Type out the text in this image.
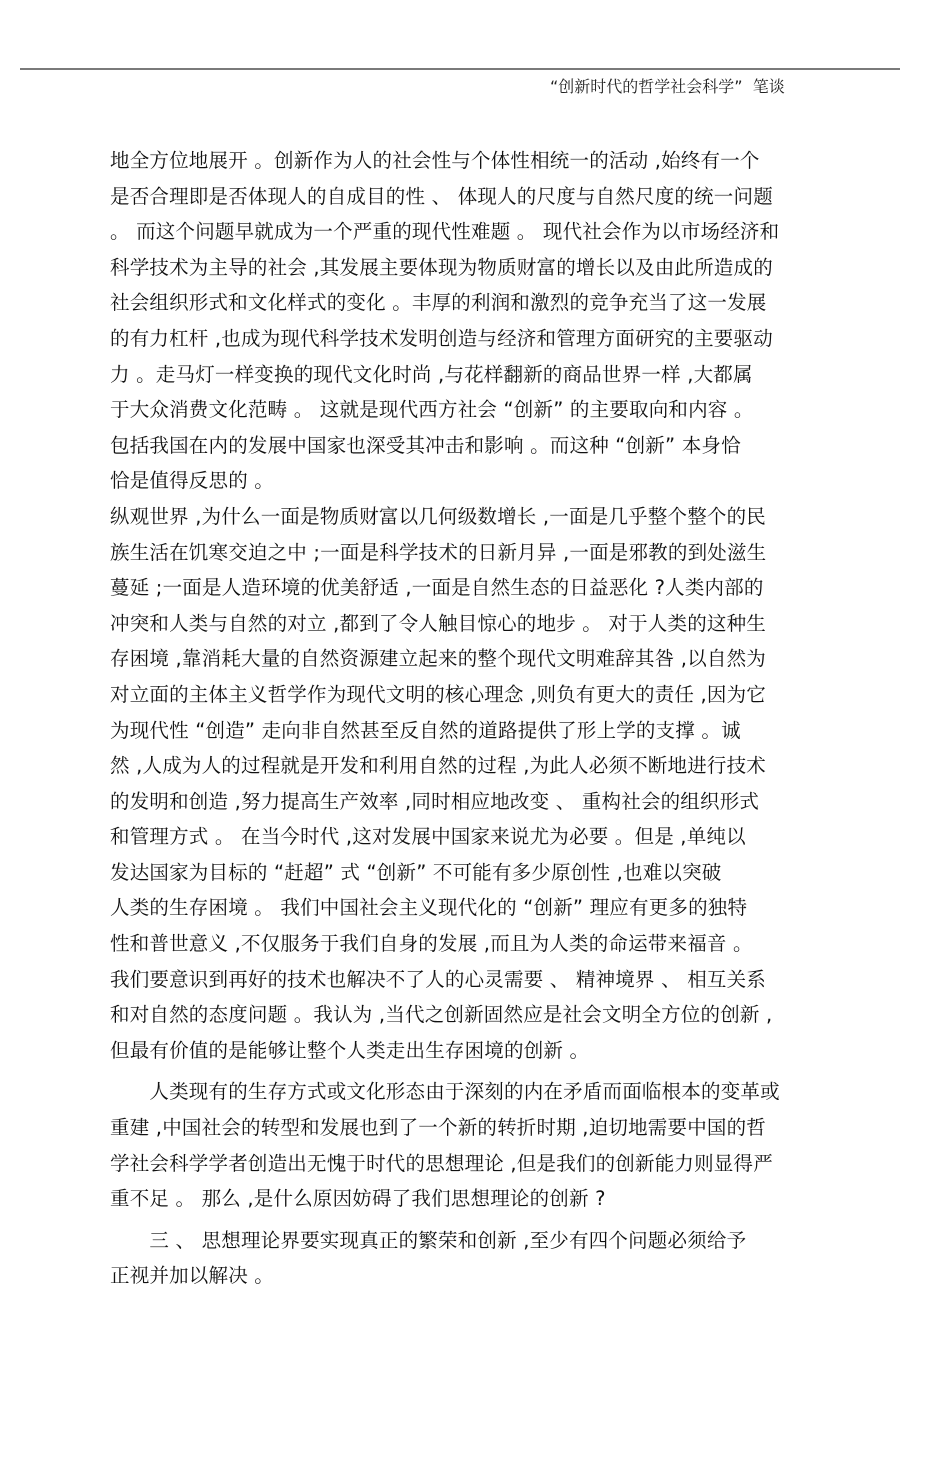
“创新时代的哲学社会科学”  笔谈
地全方位地展开 。创新作为人的社会性与个体性相统一的活动 ,始终有一个
是否合理即是否体现人的自成目的性 、 体现人的尺度与自然尺度的统一问题
。 而这个问题早就成为一个严重的现代性难题 。 现代社会作为以市场经济和
科学技术为主导的社会 ,其发展主要体现为物质财富的增长以及由此所造成的
社会组织形式和文化样式的变化 。丰厚的利润和激烈的竞争充当了这一发展
的有力杠杆 ,也成为现代科学技术发明创造与经济和管理方面研究的主要驱动
力 。走马灯一样变换的现代文化时尚 ,与花样翻新的商品世界一样 ,大都属
于大众消费文化范畴 。 这就是现代西方社会 “创新” 的主要取向和内容 。
包括我国在内的发展中国家也深受其冲击和影响 。而这种 “创新” 本身恰
恰是值得反思的 。
纵观世界 ,为什么一面是物质财富以几何级数增长 ,一面是几乎整个整个的民
族生活在饥寒交迫之中 ;一面是科学技术的日新月异 ,一面是邪教的到处滋生
蔓延 ;一面是人造环境的优美舒适 ,一面是自然生态的日益恶化 ?人类内部的
冲突和人类与自然的对立 ,都到了令人触目惊心的地步 。 对于人类的这种生
存困境 ,靠消耗大量的自然资源建立起来的整个现代文明难辞其咎 ,以自然为
对立面的主体主义哲学作为现代文明的核心理念 ,则负有更大的责任 ,因为它
为现代性 “创造” 走向非自然甚至反自然的道路提供了形上学的支撑 。诚
然 ,人成为人的过程就是开发和利用自然的过程 ,为此人必须不断地进行技术
的发明和创造 ,努力提高生产效率 ,同时相应地改变 、 重构社会的组织形式
和管理方式 。 在当今时代 ,这对发展中国家来说尤为必要 。但是 ,单纯以
发达国家为目标的 “赶超” 式 “创新” 不可能有多少原创性 ,也难以突破
人类的生存困境 。 我们中国社会主义现代化的 “创新” 理应有更多的独特
性和普世意义 ,不仅服务于我们自身的发展 ,而且为人类的命运带来福音 。
我们要意识到再好的技术也解决不了人的心灵需要 、 精神境界 、 相互关系
和对自然的态度问题 。我认为 ,当代之创新固然应是社会文明全方位的创新 ,
但最有价值的是能够让整个人类走出生存困境的创新 。
　　人类现有的生存方式或文化形态由于深刻的内在矛盾而面临根本的变革或
重建 ,中国社会的转型和发展也到了一个新的转折时期 ,迫切地需要中国的哲
学社会科学学者创造出无愧于时代的思想理论 ,但是我们的创新能力则显得严
重不足 。 那么 ,是什么原因妨碍了我们思想理论的创新 ?
　　三 、 思想理论界要实现真正的繁荣和创新 ,至少有四个问题必须给予
正视并加以解决 。
